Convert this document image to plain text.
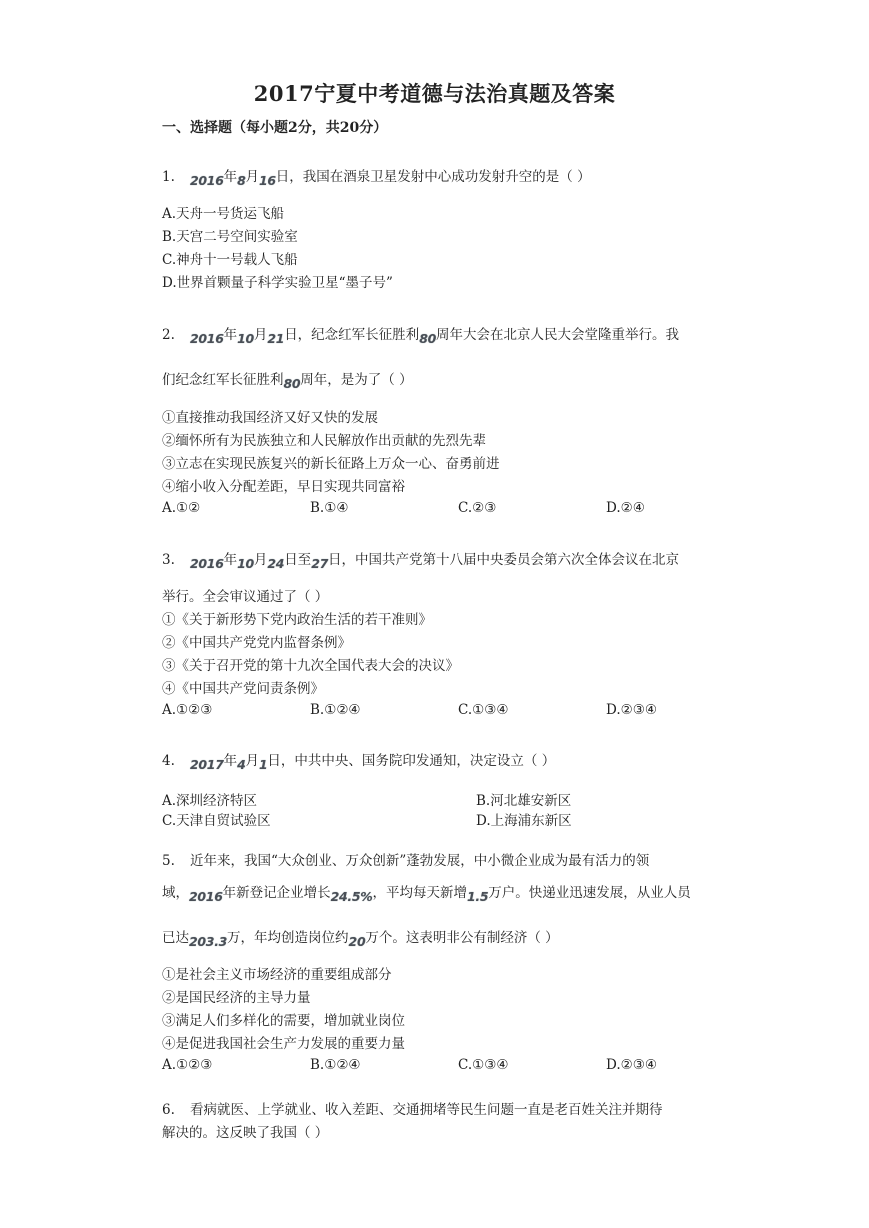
2017宁夏中考道德与法治真题及答案
一、选择题（每小题2分，共20分）
1. 2016年8月16日，我国在酒泉卫星发射中心成功发射升空的是（ ）
A.天舟一号货运飞船
B.天宫二号空间实验室
C.神舟十一号载人飞船
D.世界首颗量子科学实验卫星“墨子号”
2. 2016年10月21日，纪念红军长征胜利80周年大会在北京人民大会堂隆重举行。我
们纪念红军长征胜利80周年，是为了（ ）
①直接推动我国经济又好又快的发展
②缅怀所有为民族独立和人民解放作出贡献的先烈先辈
③立志在实现民族复兴的新长征路上万众一心、奋勇前进
④缩小收入分配差距，早日实现共同富裕
A.①②	B.①④	C.②③	D.②④
3. 2016年10月24日至27日，中国共产党第十八届中央委员会第六次全体会议在北京
举行。全会审议通过了（ ）
①《关于新形势下党内政治生活的若干准则》
②《中国共产党党内监督条例》
③《关于召开党的第十九次全国代表大会的决议》
④《中国共产党问责条例》
A.①②③	B.①②④	C.①③④	D.②③④
4. 2017年4月1日，中共中央、国务院印发通知，决定设立（ ）
A.深圳经济特区	B.河北雄安新区
C.天津自贸试验区	D.上海浦东新区
5. 近年来，我国“大众创业、万众创新”蓬勃发展，中小微企业成为最有活力的领
域，2016年新登记企业增长24.5%，平均每天新增1.5万户。快递业迅速发展，从业人员
已达203.3万，年均创造岗位约20万个。这表明非公有制经济（ ）
①是社会主义市场经济的重要组成部分
②是国民经济的主导力量
③满足人们多样化的需要，增加就业岗位
④是促进我国社会生产力发展的重要力量
A.①②③	B.①②④	C.①③④	D.②③④
6. 看病就医、上学就业、收入差距、交通拥堵等民生问题一直是老百姓关注并期待
解决的。这反映了我国（ ）
